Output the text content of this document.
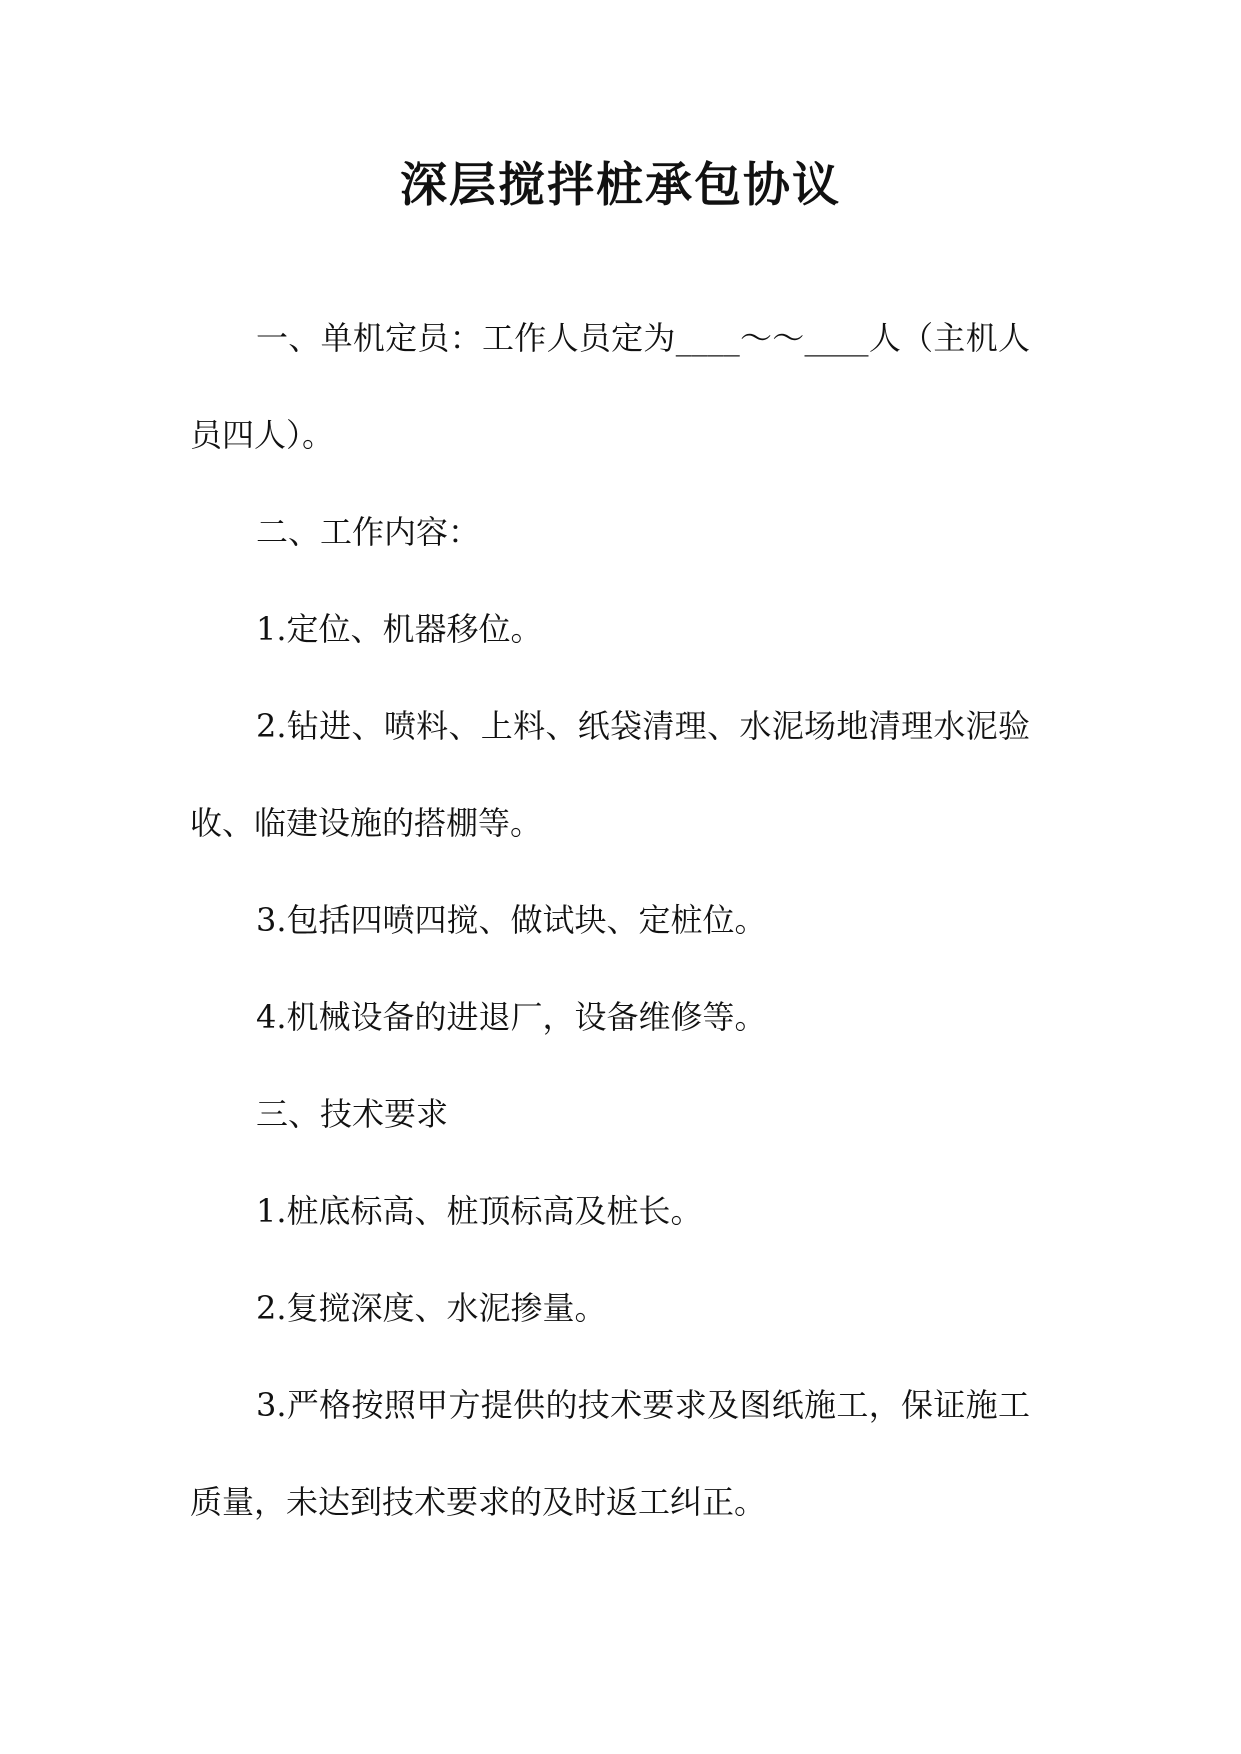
深层搅拌桩承包协议

一、单机定员：工作人员定为____～～____人（主机人员四人）。

二、工作内容：

1.定位、机器移位。

2.钻进、喷料、上料、纸袋清理、水泥场地清理水泥验收、临建设施的搭棚等。

3.包括四喷四搅、做试块、定桩位。

4.机械设备的进退厂，设备维修等。

三、技术要求

1.桩底标高、桩顶标高及桩长。

2.复搅深度、水泥掺量。

3.严格按照甲方提供的技术要求及图纸施工，保证施工质量，未达到技术要求的及时返工纠正。
